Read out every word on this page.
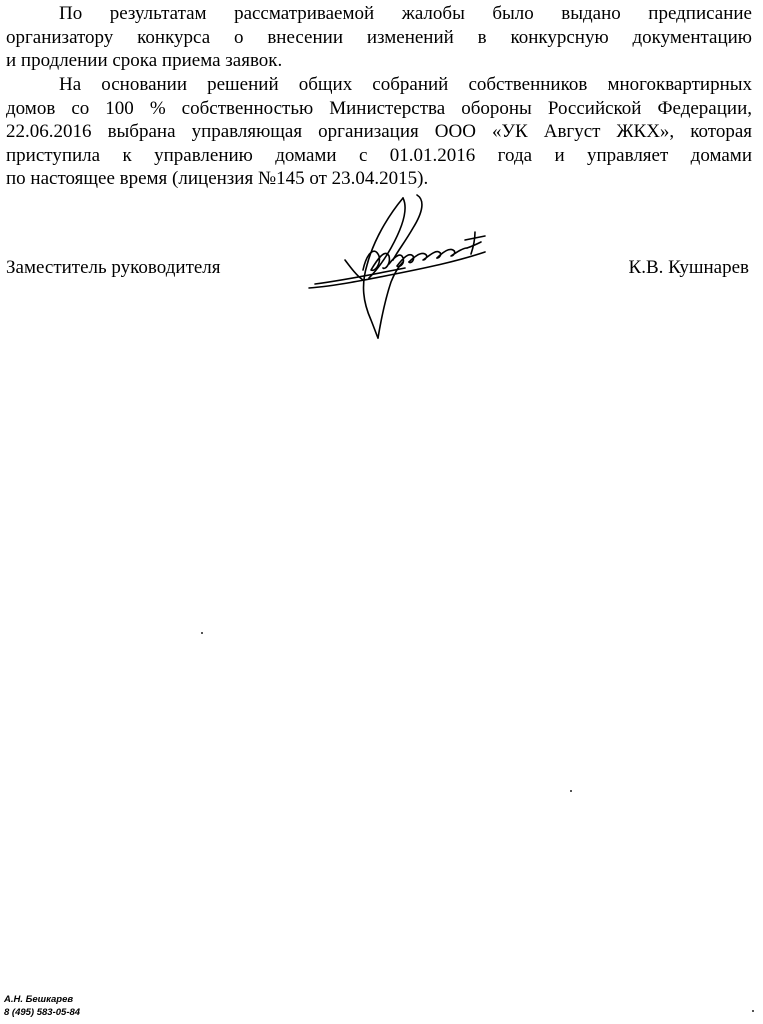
По результатам рассматриваемой жалобы было выдано предписание
организатору конкурса о внесении изменений в конкурсную документацию
и продлении срока приема заявок.
На основании решений общих собраний собственников многоквартирных
домов со 100 % собственностью Министерства обороны Российской Федерации,
22.06.2016 выбрана управляющая организация ООО «УК Август ЖКХ», которая
приступила к управлению домами с 01.01.2016 года и управляет домами
по настоящее время (лицензия №145 от 23.04.2015).
Заместитель руководителя	К.В. Кушнарев
А.Н. Бешкарев
8 (495) 583-05-84
